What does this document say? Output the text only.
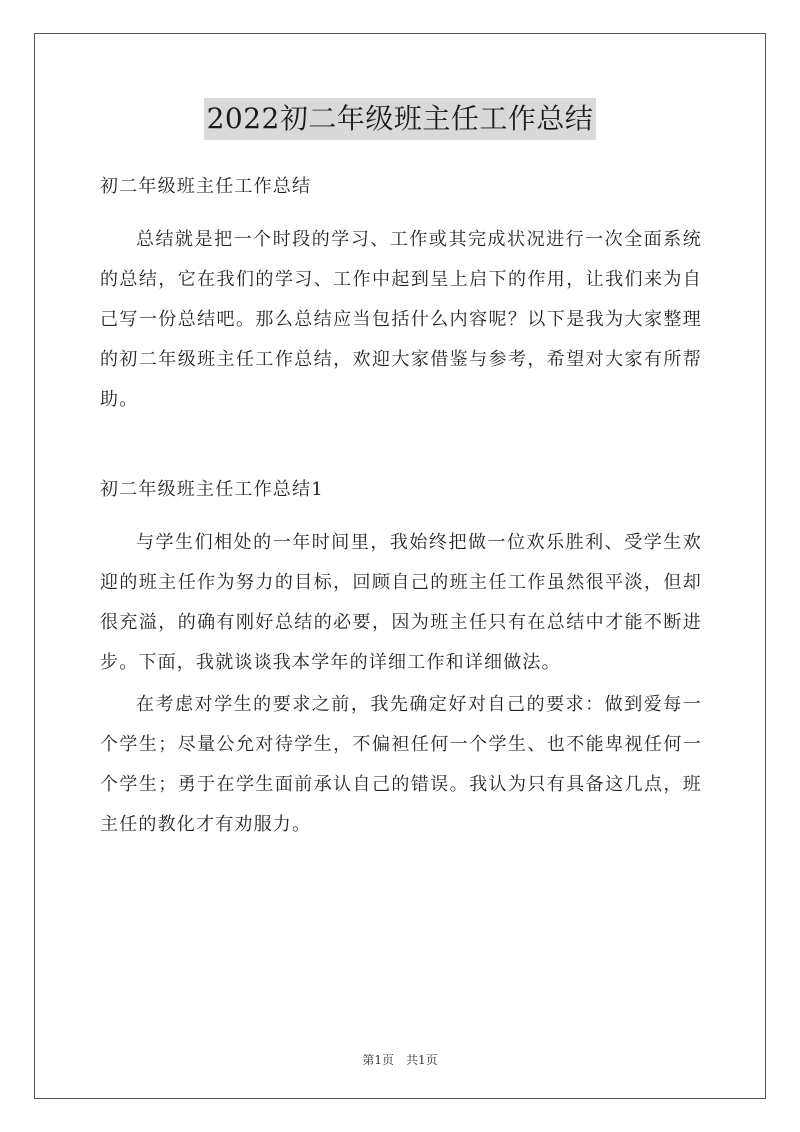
2022初二年级班主任工作总结

初二年级班主任工作总结

总结就是把一个时段的学习、工作或其完成状况进行一次全面系统的总结，它在我们的学习、工作中起到呈上启下的作用，让我们来为自己写一份总结吧。那么总结应当包括什么内容呢？以下是我为大家整理的初二年级班主任工作总结，欢迎大家借鉴与参考，希望对大家有所帮助。

初二年级班主任工作总结1

与学生们相处的一年时间里，我始终把做一位欢乐胜利、受学生欢迎的班主任作为努力的目标，回顾自己的班主任工作虽然很平淡，但却很充溢，的确有刚好总结的必要，因为班主任只有在总结中才能不断进步。下面，我就谈谈我本学年的详细工作和详细做法。

在考虑对学生的要求之前，我先确定好对自己的要求：做到爱每一个学生；尽量公允对待学生，不偏袒任何一个学生、也不能卑视任何一个学生；勇于在学生面前承认自己的错误。我认为只有具备这几点，班主任的教化才有劝服力。

第1页　共1页
